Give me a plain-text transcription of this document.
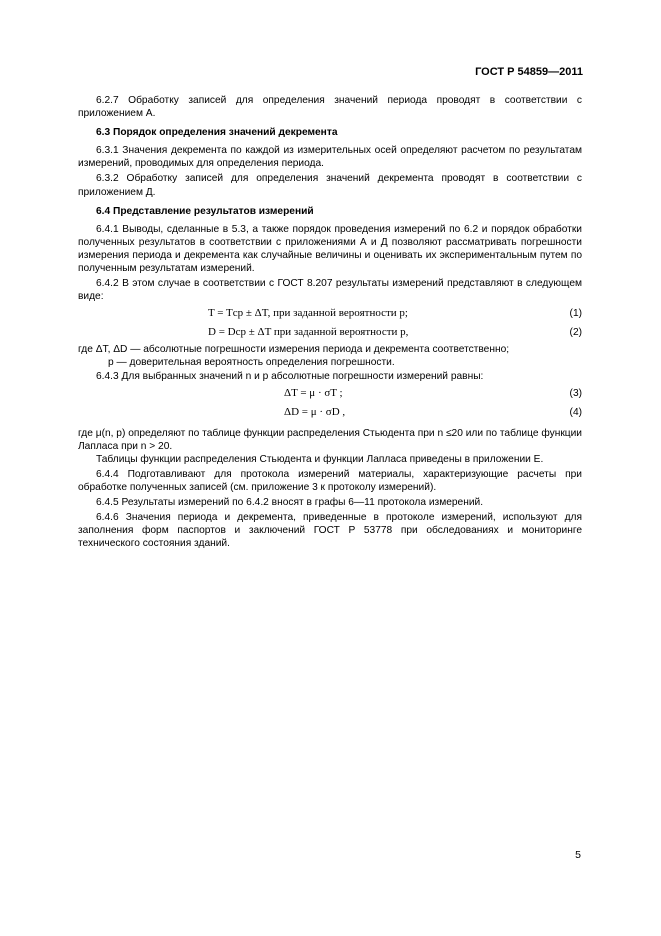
ГОСТ Р 54859—2011

6.2.7 Обработку записей для определения значений периода проводят в соответствии с приложением А.

6.3 Порядок определения значений декремента

6.3.1 Значения декремента по каждой из измерительных осей определяют расчетом по результатам измерений, проводимых для определения периода.

6.3.2 Обработку записей для определения значений декремента проводят в соответствии с приложением Д.

6.4 Представление результатов измерений

6.4.1 Выводы, сделанные в 5.3, а также порядок проведения измерений по 6.2 и порядок обработки полученных результатов в соответствии с приложениями А и Д позволяют рассматривать погрешности измерения периода и декремента как случайные величины и оценивать их экспериментальным путем по полученным результатам измерений.

6.4.2 В этом случае в соответствии с ГОСТ 8.207 результаты измерений представляют в следующем виде:

T = Tср ± ΔT, при заданной вероятности p;	(1)
D = Dср ± ΔT при заданной вероятности p,	(2)

где ΔT, ΔD — абсолютные погрешности измерения периода и декремента соответственно;

p — доверительная вероятность определения погрешности.

6.4.3 Для выбранных значений n и p абсолютные погрешности измерений равны:

ΔT = μ · σT ;	(3)
ΔD = μ · σD ,	(4)

где μ(n, p) определяют по таблице функции распределения Стьюдента при n ≤20 или по таблице функции Лапласа при n > 20.

Таблицы функции распределения Стьюдента и функции Лапласа приведены в приложении Е.

6.4.4 Подготавливают для протокола измерений материалы, характеризующие расчеты при обработке полученных записей (см. приложение 3 к протоколу измерений).

6.4.5 Результаты измерений по 6.4.2 вносят в графы 6—11 протокола измерений.

6.4.6 Значения периода и декремента, приведенные в протоколе измерений, используют для заполнения форм паспортов и заключений ГОСТ Р 53778 при обследованиях и мониторинге технического состояния зданий.

5
